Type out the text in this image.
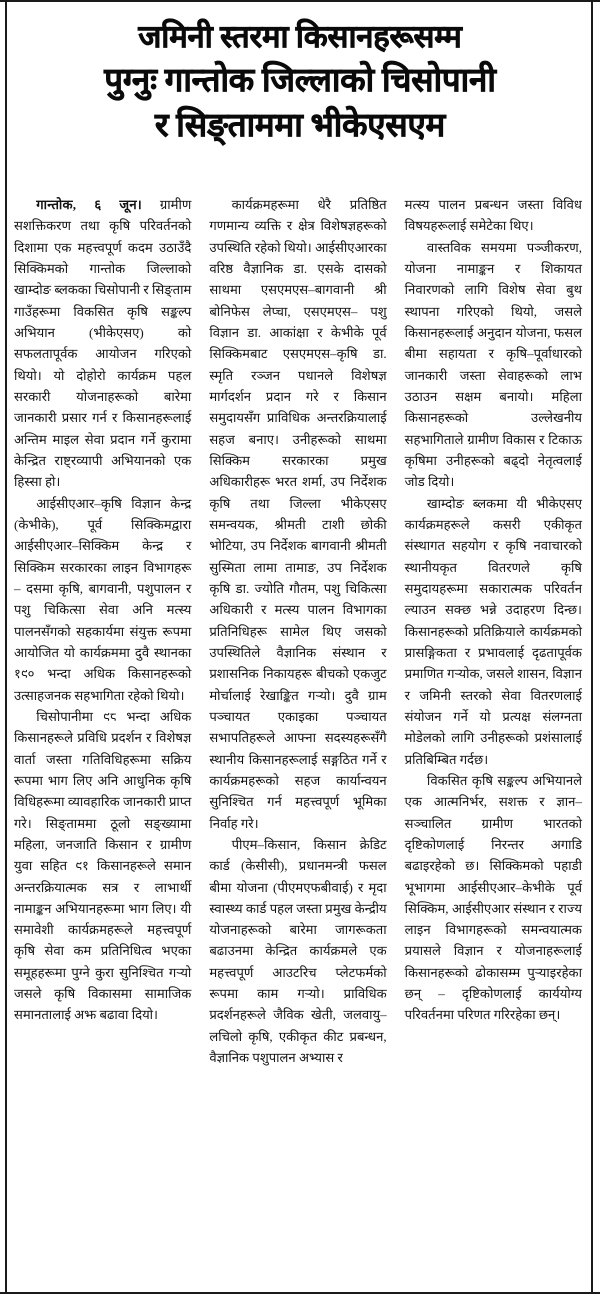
जमिनी स्तरमा किसानहरूसम्म
पुग्नुः गान्तोक जिल्लाको चिसोपानी
र सिङ्ताममा भीकेएसएम

गान्तोक, ६ जून। ग्रामीण सशक्तिकरण तथा कृषि परिवर्तनको दिशामा एक महत्त्वपूर्ण कदम उठाउँदै सिक्किमको गान्तोक जिल्लाको खाम्दोङ ब्लकका चिसोपानी र सिङ्ताम गाउँहरूमा विकसित कृषि सङ्कल्प अभियान (भीकेएसए) को सफलतापूर्वक आयोजन गरिएको थियो। यो दोहोरो कार्यक्रम पहल सरकारी योजनाहरूको बारेमा जानकारी प्रसार गर्न र किसानहरूलाई अन्तिम माइल सेवा प्रदान गर्ने कुरामा केन्द्रित राष्ट्रव्यापी अभियानको एक हिस्सा हो।

आईसीएआर–कृषि विज्ञान केन्द्र (केभीके), पूर्व सिक्किमद्वारा आईसीएआर–सिक्किम केन्द्र र सिक्किम सरकारका लाइन विभागहरू – दसमा कृषि, बागवानी, पशुपालन र पशु चिकित्सा सेवा अनि मत्स्य पालनसँगको सहकार्यमा संयुक्त रूपमा आयोजित यो कार्यक्रममा दुवै स्थानका १९० भन्दा अधिक किसानहरूको उत्साहजनक सहभागिता रहेको थियो।

चिसोपानीमा ९८ भन्दा अधिक किसानहरूले प्रविधि प्रदर्शन र विशेषज्ञ वार्ता जस्ता गतिविधिहरूमा सक्रिय रूपमा भाग लिए अनि आधुनिक कृषि विधिहरूमा व्यावहारिक जानकारी प्राप्त गरे। सिङ्ताममा ठूलो सङ्ख्यामा महिला, जनजाति किसान र ग्रामीण युवा सहित ९१ किसानहरूले समान अन्तरक्रियात्मक सत्र र लाभार्थी नामाङ्कन अभियानहरूमा भाग लिए। यी समावेशी कार्यक्रमहरूले महत्त्वपूर्ण कृषि सेवा कम प्रतिनिधित्व भएका समूहहरूमा पुग्ने कुरा सुनिश्चित गर्‍यो जसले कृषि विकासमा सामाजिक समानतालाई अझ बढावा दियो।

कार्यक्रमहरूमा धेरै प्रतिष्ठित गणमान्य व्यक्ति र क्षेत्र विशेषज्ञहरूको उपस्थिति रहेको थियो। आईसीएआरका वरिष्ठ वैज्ञानिक डा. एसके दासको साथमा एसएमएस–बागवानी श्री बोनिफेस लेप्चा, एसएमएस– पशु विज्ञान डा. आकांक्षा र केभीके पूर्व सिक्किमबाट एसएमएस–कृषि डा. स्मृति रञ्जन पधानले विशेषज्ञ मार्गदर्शन प्रदान गरे र किसान समुदायसँग प्राविधिक अन्तरक्रियालाई सहज बनाए। उनीहरूको साथमा सिक्किम सरकारका प्रमुख अधिकारीहरू भरत शर्मा, उप निर्देशक कृषि तथा जिल्ला भीकेएसए समन्वयक, श्रीमती टाशी छोकी भोटिया, उप निर्देशक बागवानी श्रीमती सुस्मिता लामा तामाङ, उप निर्देशक कृषि डा. ज्योति गौतम, पशु चिकित्सा अधिकारी र मत्स्य पालन विभागका प्रतिनिधिहरू सामेल थिए जसको उपस्थितिले वैज्ञानिक संस्थान र प्रशासनिक निकायहरू बीचको एकजुट मोर्चालाई रेखाङ्कित गर्‍यो। दुवै ग्राम पञ्चायत एकाइका पञ्चायत सभापतिहरूले आफ्ना सदस्यहरूसँगै स्थानीय किसानहरूलाई सङ्गठित गर्ने र कार्यक्रमहरूको सहज कार्यान्वयन सुनिश्चित गर्न महत्त्वपूर्ण भूमिका निर्वाह गरे।

पीएम–किसान, किसान क्रेडिट कार्ड (केसीसी), प्रधानमन्त्री फसल बीमा योजना (पीएमएफबीवाई) र मृदा स्वास्थ्य कार्ड पहल जस्ता प्रमुख केन्द्रीय योजनाहरूको बारेमा जागरूकता बढाउनमा केन्द्रित कार्यक्रमले एक महत्त्वपूर्ण आउटरिच प्लेटफर्मको रूपमा काम गर्‍यो। प्राविधिक प्रदर्शनहरूले जैविक खेती, जलवायु–लचिलो कृषि, एकीकृत कीट प्रबन्धन, वैज्ञानिक पशुपालन अभ्यास र

मत्स्य पालन प्रबन्धन जस्ता विविध विषयहरूलाई समेटेका थिए।

वास्तविक समयमा पञ्जीकरण, योजना नामाङ्कन र शिकायत निवारणको लागि विशेष सेवा बुथ स्थापना गरिएको थियो, जसले किसानहरूलाई अनुदान योजना, फसल बीमा सहायता र कृषि–पूर्वाधारको जानकारी जस्ता सेवाहरूको लाभ उठाउन सक्षम बनायो। महिला किसानहरूको उल्लेखनीय सहभागिताले ग्रामीण विकास र टिकाऊ कृषिमा उनीहरूको बढ्दो नेतृत्वलाई जोड दियो।

खाम्दोङ ब्लकमा यी भीकेएसए कार्यक्रमहरूले कसरी एकीकृत संस्थागत सहयोग र कृषि नवाचारको स्थानीयकृत वितरणले कृषि समुदायहरूमा सकारात्मक परिवर्तन ल्याउन सक्छ भन्ने उदाहरण दिन्छ। किसानहरूको प्रतिक्रियाले कार्यक्रमको प्रासङ्गिकता र प्रभावलाई दृढतापूर्वक प्रमाणित गर्‍योक, जसले शासन, विज्ञान र जमिनी स्तरको सेवा वितरणलाई संयोजन गर्ने यो प्रत्यक्ष संलग्नता मोडेलको लागि उनीहरूको प्रशंसालाई प्रतिबिम्बित गर्दछ।

विकसित कृषि सङ्कल्प अभियानले एक आत्मनिर्भर, सशक्त र ज्ञान–सञ्चालित ग्रामीण भारतको दृष्टिकोणलाई निरन्तर अगाडि बढाइरहेको छ। सिक्किमको पहाडी भूभागमा आईसीएआर–केभीके पूर्व सिक्किम, आईसीएआर संस्थान र राज्य लाइन विभागहरूको समन्वयात्मक प्रयासले विज्ञान र योजनाहरूलाई किसानहरूको ढोकासम्म पुर्‍याइरहेका छन् – दृष्टिकोणलाई कार्ययोग्य परिवर्तनमा परिणत गरिरहेका छन्।
